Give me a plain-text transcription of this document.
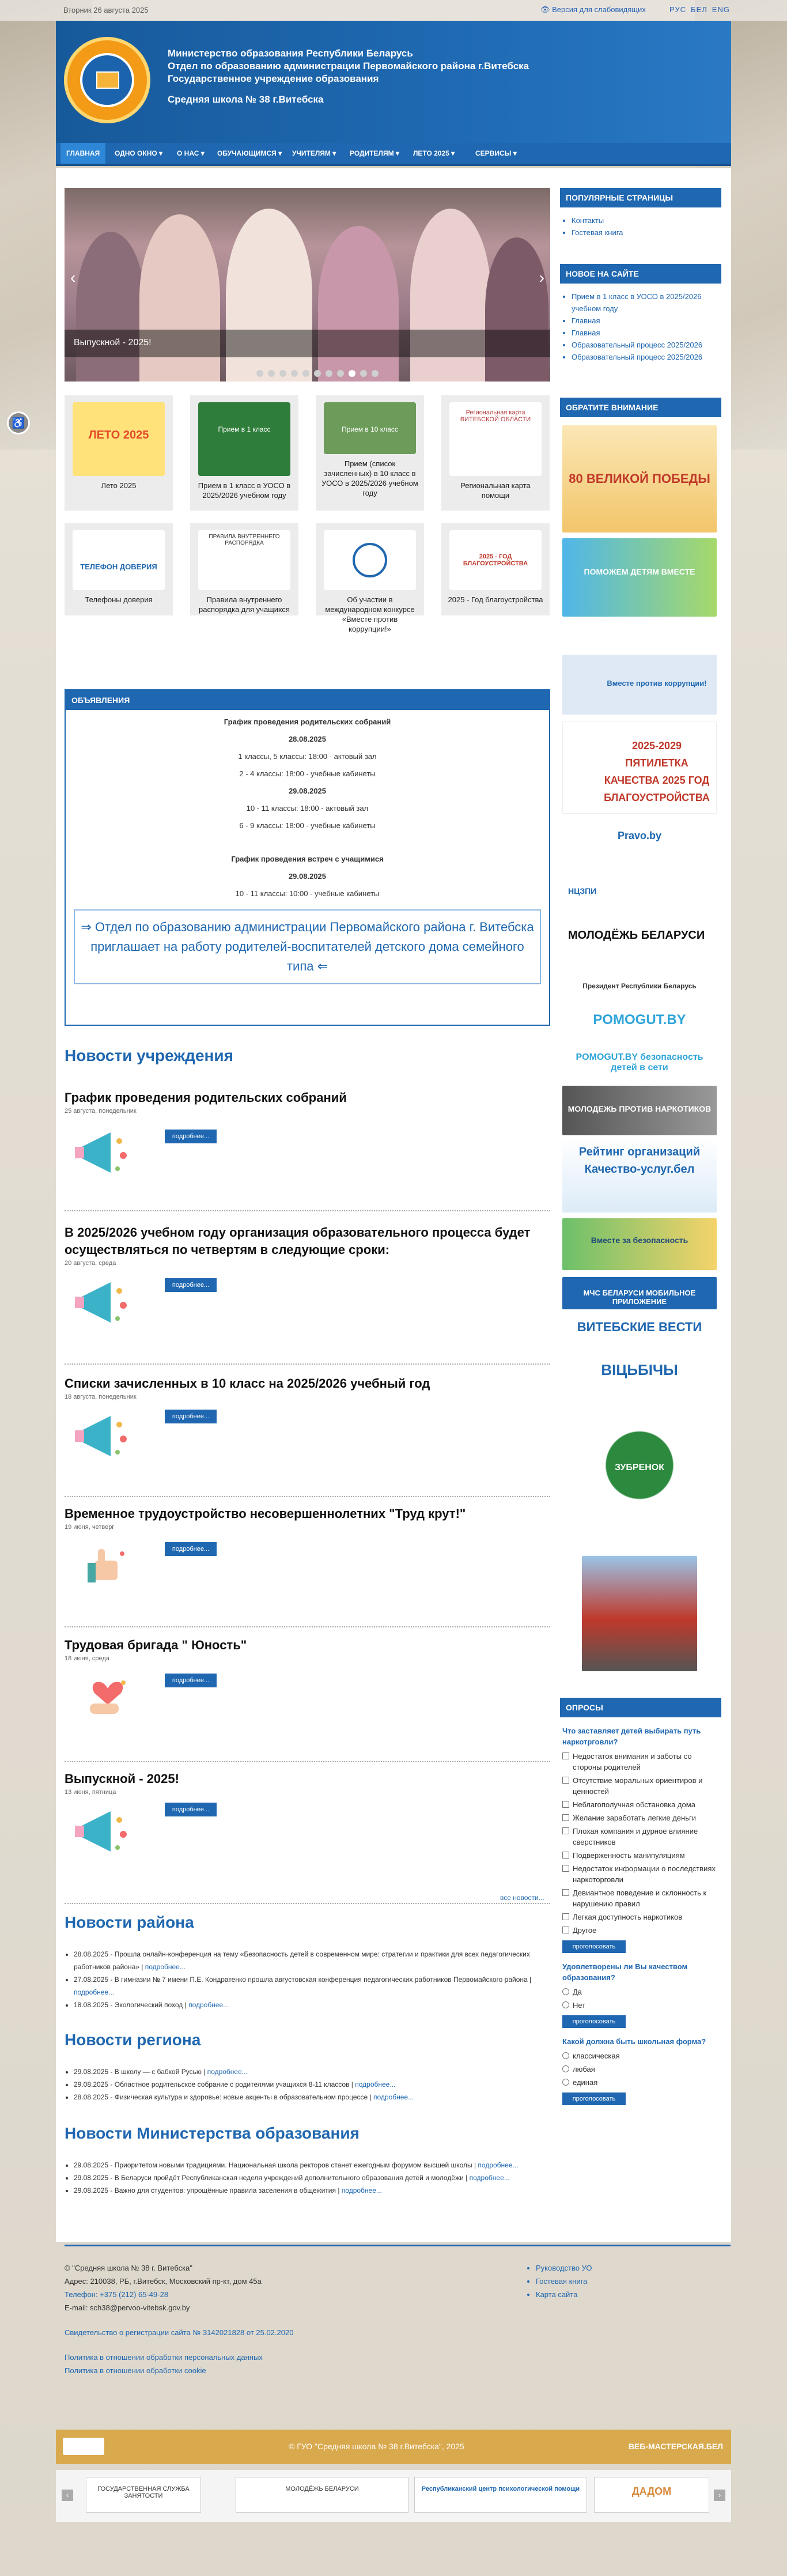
Вторник 26 августа 2025	👁 Версия для слабовидящих	РУС БЕЛ ENG
Министерство образования Республики Беларусь
Отдел по образованию администрации Первомайского района г.Витебска
Государственное учреждение образования
Средняя школа № 38 г.Витебска
ГЛАВНАЯ	ОДНО ОКНО ▾	О НАС ▾	ОБУЧАЮЩИМСЯ ▾	УЧИТЕЛЯМ ▾	РОДИТЕЛЯМ ▾	ЛЕТО 2025 ▾	СЕРВИСЫ ▾
♿
‹	›
Выпускной - 2025!
ЛЕТО 2025
Лето 2025
Прием в 1 класс
Прием в 1 класс в УОСО в 2025/2026 учебном году
Прием в 10 класс
Прием (список зачисленных) в 10 класс в УОСО в 2025/2026 учебном году
Региональная карта ВИТЕБСКОЙ ОБЛАСТИ
Региональная карта помощи
ТЕЛЕФОН ДОВЕРИЯ
Телефоны доверия
ПРАВИЛА ВНУТРЕННЕГО РАСПОРЯДКА
Правила внутреннего распорядка для учащихся
Об участии в международном конкурсе «Вместе против коррупции!»
2025 - ГОД БЛАГОУСТРОЙСТВА
2025 - Год благоустройства
ОБЪЯВЛЕНИЯ
График проведения родительских собраний
28.08.2025
1 классы, 5 классы: 18:00 - актовый зал
2 - 4 классы: 18:00 - учебные кабинеты
29.08.2025
10 - 11 классы: 18:00 - актовый зал
6 - 9 классы: 18:00 - учебные кабинеты
График проведения встреч с учащимися
29.08.2025
10 - 11 классы: 10:00 - учебные кабинеты
⇒ Отдел по образованию администрации Первомайского района г. Витебска приглашает на работу родителей-воспитателей детского дома семейного типа ⇐
Новости учреждения
График проведения родительских собраний
25 августа, понедельник
подробнее...
В 2025/2026 учебном году организация образовательного процесса будет осуществляться по четвертям в следующие сроки:
20 августа, среда
подробнее...
Списки зачисленных в 10 класс на 2025/2026 учебный год
18 августа, понедельник
подробнее...
Временное трудоустройство несовершеннолетних "Труд крут!"
19 июня, четверг
подробнее...
Трудовая бригада " Юность"
18 июня, среда
подробнее...
Выпускной - 2025!
13 июня, пятница
подробнее...
все новости...
Новости района
• 28.08.2025 - Прошла онлайн-конференция на тему «Безопасность детей в современном мире: стратегии и практики для всех педагогических работников района» | подробнее...
• 27.08.2025 - В гимназии № 7 имени П.Е. Кондратенко прошла августовская конференция педагогических работников Первомайского района | подробнее...
• 18.08.2025 - Экологический поход | подробнее...
Новости региона
• 29.08.2025 - В школу — с бабкой Русью | подробнее...
• 29.08.2025 - Областное родительское собрание с родителями учащихся 8-11 классов | подробнее...
• 28.08.2025 - Физическая культура и здоровье: новые акценты в образовательном процессе | подробнее...
Новости Министерства образования
• 29.08.2025 - Приоритетом новыми традициями. Национальная школа ректоров станет ежегодным форумом высшей школы | подробнее...
• 29.08.2025 - В Беларуси пройдёт Республиканская неделя учреждений дополнительного образования детей и молодёжи | подробнее...
• 29.08.2025 - Важно для студентов: упрощённые правила заселения в общежития | подробнее...
ПОПУЛЯРНЫЕ СТРАНИЦЫ
• Контакты
• Гостевая книга
НОВОЕ НА САЙТЕ
• Прием в 1 класс в УОСО в 2025/2026 учебном году
• Главная
• Главная
• Образовательный процесс 2025/2026
• Образовательный процесс 2025/2026
ОБРАТИТЕ ВНИМАНИЕ
80 ВЕЛИКОЙ ПОБЕДЫ
ПОМОЖЕМ ДЕТЯМ ВМЕСТЕ
Вместе против коррупции!
2025-2029 ПЯТИЛЕТКА КАЧЕСТВА 2025 ГОД БЛАГОУСТРОЙСТВА
Pravo.by
НЦЗПИ
МОЛОДЁЖЬ БЕЛАРУСИ
Президент Республики Беларусь
POMOGUT.BY
POMOGUT.BY безопасность детей в сети
МОЛОДЕЖЬ ПРОТИВ НАРКОТИКОВ
Рейтинг организаций Качество-услуг.бел
Вместе за безопасность
МЧС БЕЛАРУСИ МОБИЛЬНОЕ ПРИЛОЖЕНИЕ
ВИТЕБСКИЕ ВЕСТИ
ВІЦЬБІЧЫ
ЗУБРЕНОК
ОПРОСЫ
Что заставляет детей выбирать путь наркотрговли?
Недостаток внимания и заботы со стороны родителей
Отсутствие моральных ориентиров и ценностей
Неблагополучная обстановка дома
Желание заработать легкие деньги
Плохая компания и дурное влияние сверстников
Подверженность манипуляциям
Недостаток информации о последствиях наркоторговли
Девиантное поведение и склонность к нарушению правил
Легкая доступность наркотиков
Другое
проголосовать
Удовлетворены ли Вы качеством образования?
Да
Нет
проголосовать
Какой должна быть школьная форма?
классическая
любая
единая
проголосовать
© "Средняя школа № 38 г. Витебска"
Адрес: 210038, РБ, г.Витебск, Московский пр-кт, дом 45а
Телефон: +375 (212) 65-49-28
E-mail: sch38@pervoo-vitebsk.gov.by
Свидетельство о регистрации сайта № 3142021828 от 25.02.2020
Политика в отношении обработки персональных данных
Политика в отношении обработки cookie
• Руководство УО
• Гостевая книга
• Карта сайта
© ГУО "Средняя школа № 38 г.Витебска", 2025	ВЕБ-МАСТЕРСКАЯ.БЕЛ
‹
ГОСУДАРСТВЕННАЯ СЛУЖБА ЗАНЯТОСТИ
МОЛОДЁЖЬ БЕЛАРУСИ	Республиканский центр психологической помощи	ДАДОМ	›
